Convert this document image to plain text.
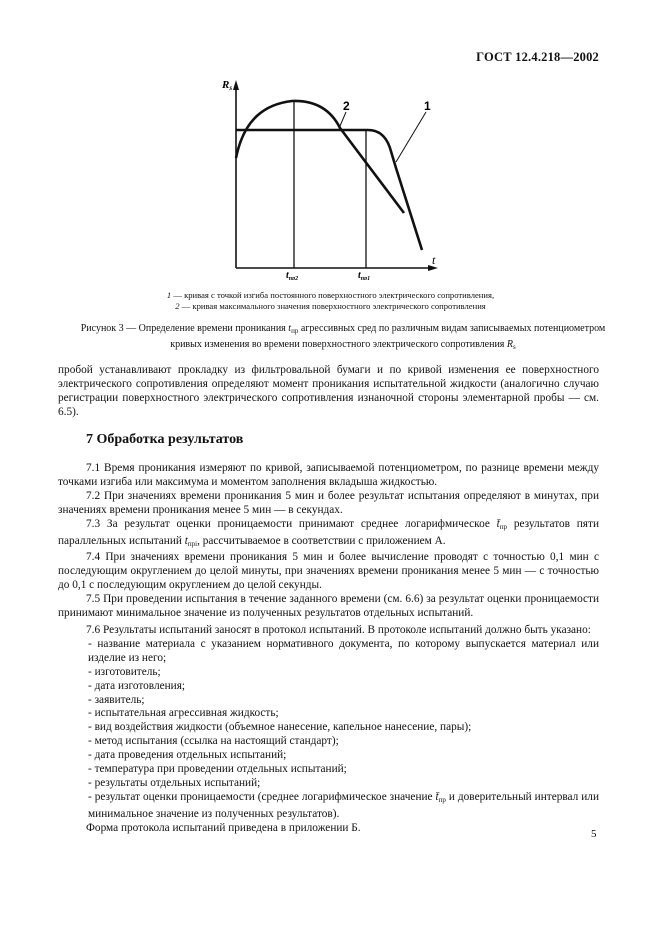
ГОСТ 12.4.218—2002
Rs
t
2	1
$t_{пр2}$	$t_{пр1}$
1 — кривая с точкой изгиба постоянного поверхностного электрического сопротивления,
2 — кривая максимального значения поверхностного электрического сопротивления
Рисунок 3 — Определение времени проникания $t_{пр}$ агрессивных сред по различным видам записываемых потенциометром кривых изменения во времени поверхностного электрического сопротивления $R_s$

пробой устанавливают прокладку из фильтровальной бумаги и по кривой изменения ее поверхностного электрического сопротивления определяют момент проникания испытательной жидкости (аналогично случаю регистрации поверхностного электрического сопротивления изнаночной стороны элементарной пробы — см. 6.5).

7 Обработка результатов

7.1 Время проникания измеряют по кривой, записываемой потенциометром, по разнице времени между точками изгиба или максимума и моментом заполнения вкладыша жидкостью.

7.2 При значениях времени проникания 5 мин и более результат испытания определяют в минутах, при значениях времени проникания менее 5 мин — в секундах.

7.3 За результат оценки проницаемости принимают среднее логарифмическое $t̄_{пр}$ результатов пяти параллельных испытаний $t_{прi}$, рассчитываемое в соответствии с приложением А.

7.4 При значениях времени проникания 5 мин и более вычисление проводят с точностью 0,1 мин с последующим округлением до целой минуты, при значениях времени проникания менее 5 мин — с точностью до 0,1 с последующим округлением до целой секунды.

7.5 При проведении испытания в течение заданного времени (см. 6.6) за результат оценки проницаемости принимают минимальное значение из полученных результатов отдельных испытаний.

7.6 Результаты испытаний заносят в протокол испытаний. В протоколе испытаний должно быть указано:

- название материала с указанием нормативного документа, по которому выпускается материал или изделие из него;

- изготовитель;

- дата изготовления;

- заявитель;

- испытательная агрессивная жидкость;

- вид воздействия жидкости (объемное нанесение, капельное нанесение, пары);

- метод испытания (ссылка на настоящий стандарт);

- дата проведения отдельных испытаний;

- температура при проведении отдельных испытаний;

- результаты отдельных испытаний;

- результат оценки проницаемости (среднее логарифмическое значение $t̄_{пр}$ и доверительный интервал или минимальное значение из полученных результатов).

Форма протокола испытаний приведена в приложении Б.

5
